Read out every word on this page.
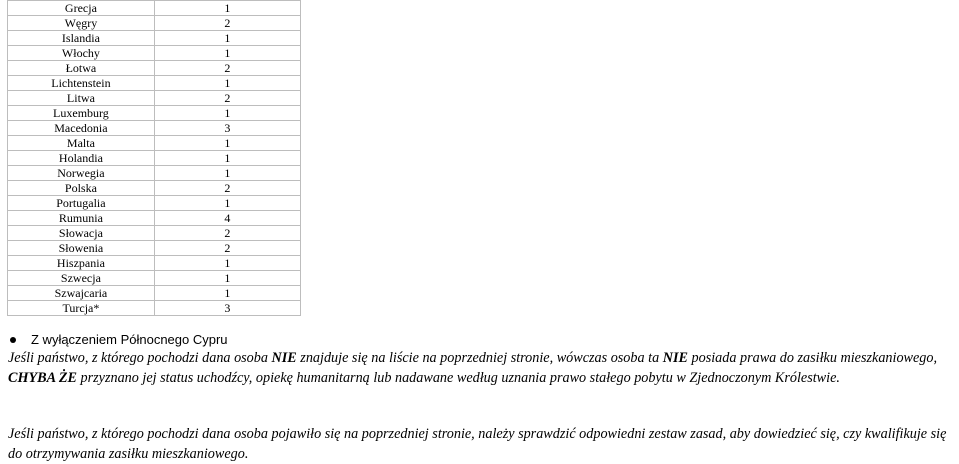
Grecja	1
Węgry	2
Islandia	1
Włochy	1
Łotwa	2
Lichtenstein	1
Litwa	2
Luxemburg	1
Macedonia	3
Malta	1
Holandia	1
Norwegia	1
Polska	2
Portugalia	1
Rumunia	4
Słowacja	2
Słowenia	2
Hiszpania	1
Szwecja	1
Szwajcaria	1
Turcja*	3
Z wyłączeniem Północnego Cypru

Jeśli państwo, z którego pochodzi dana osoba NIE znajduje się na liście na poprzedniej stronie, wówczas osoba ta NIE posiada prawa do zasiłku mieszkaniowego, CHYBA ŻE przyznano jej status uchodźcy, opiekę humanitarną lub nadawane według uznania prawo stałego pobytu w Zjednoczonym Królestwie.

Jeśli państwo, z którego pochodzi dana osoba pojawiło się na poprzedniej stronie, należy sprawdzić odpowiedni zestaw zasad, aby dowiedzieć się, czy kwalifikuje się do otrzymywania zasiłku mieszkaniowego.
